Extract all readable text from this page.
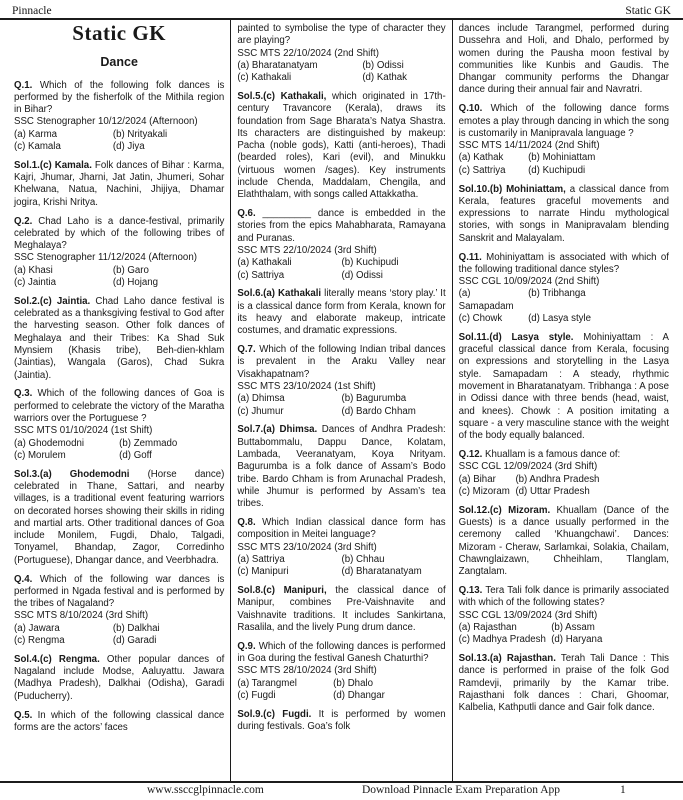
Pinnacle	Static GK
Static GK
Dance
Q.1. Which of the following folk dances is performed by the fisherfolk of the Mithila region in Bihar?
SSC Stenographer 10/12/2024 (Afternoon)
(a) Karma	(b) Nrityakali
(c) Kamala	(d) Jiya
Sol.1.(c) Kamala. Folk dances of Bihar : Karma, Kajri, Jhumar, Jharni, Jat Jatin, Jhumeri, Sohar Khelwana, Natua, Nachini, Jhijiya, Dhamar jogira, Krishi Nritya.
Q.2. Chad Laho is a dance-festival, primarily celebrated by which of the following tribes of Meghalaya?
SSC Stenographer 11/12/2024 (Afternoon)
(a) Khasi	(b) Garo
(c) Jaintia	(d) Hojang
Sol.2.(c) Jaintia. Chad Laho dance festival is celebrated as a thanksgiving festival to God after the harvesting season. Other folk dances of Meghalaya and their Tribes: Ka Shad Suk Mynsiem (Khasis tribe), Beh-dien-khlam (Jaintias), Wangala (Garos), Chad Sukra (Jaintia).
Q.3. Which of the following dances of Goa is performed to celebrate the victory of the Maratha warriors over the Portuguese ?
SSC MTS 01/10/2024 (1st Shift)
(a) Ghodemodni	(b) Zemmado
(c) Morulem	(d) Goff
Sol.3.(a) Ghodemodni (Horse dance) celebrated in Thane, Sattari, and nearby villages, is a traditional event featuring warriors on decorated horses showing their skills in riding and martial arts. Other traditional dances of Goa include Monilem, Fugdi, Dhalo, Talgadi, Tonyamel, Bhandap, Zagor, Corredinho (Portuguese), Dhangar dance, and Veerbhadra.
Q.4. Which of the following war dances is performed in Ngada festival and is performed by the tribes of Nagaland?
SSC MTS 8/10/2024 (3rd Shift)
(a) Jawara	(b) Dalkhai
(c) Rengma	(d) Garadi
Sol.4.(c) Rengma. Other popular dances of Nagaland include Modse, Aaluyattu. Jawara (Madhya Pradesh), Dalkhai (Odisha), Garadi (Puducherry).
Q.5. In which of the following classical dance forms are the actors’ faces
painted to symbolise the type of character they are playing?
SSC MTS 22/10/2024 (2nd Shift)
(a) Bharatanatyam	(b) Odissi
(c) Kathakali	(d) Kathak
Sol.5.(c) Kathakali, which originated in 17th-century Travancore (Kerala), draws its foundation from Sage Bharata’s Natya Shastra. Its characters are distinguished by makeup: Pacha (noble gods), Katti (anti-heroes), Thadi (bearded roles), Kari (evil), and Minukku (virtuous women /sages). Key instruments include Chenda, Maddalam, Chengila, and Elaththalam, with songs called Attakkatha.
Q.6. _________ dance is embedded in the stories from the epics Mahabharata, Ramayana and Puranas.
SSC MTS 22/10/2024 (3rd Shift)
(a) Kathakali	(b) Kuchipudi
(c) Sattriya	(d) Odissi
Sol.6.(a) Kathakali literally means ‘story play.’ It is a classical dance form from Kerala, known for its heavy and elaborate makeup, intricate costumes, and dramatic expressions.
Q.7. Which of the following Indian tribal dances is prevalent in the Araku Valley near Visakhapatnam?
SSC MTS 23/10/2024 (1st Shift)
(a) Dhimsa	(b) Bagurumba
(c) Jhumur	(d) Bardo Chham
Sol.7.(a) Dhimsa. Dances of Andhra Pradesh: Buttabommalu, Dappu Dance, Kolatam, Lambada, Veeranatyam, Koya Nrityam. Bagurumba is a folk dance of Assam’s Bodo tribe. Bardo Chham is from Arunachal Pradesh, while Jhumur is performed by Assam’s tea tribes.
Q.8. Which Indian classical dance form has composition in Meitei language?
SSC MTS 23/10/2024 (3rd Shift)
(a) Sattriya	(b) Chhau
(c) Manipuri	(d) Bharatanatyam
Sol.8.(c) Manipuri, the classical dance of Manipur, combines Pre-Vaishnavite and Vaishnavite traditions. It includes Sankirtana, Rasalila, and the lively Pung drum dance.
Q.9. Which of the following dances is performed in Goa during the festival Ganesh Chaturthi?
SSC MTS 28/10/2024 (3rd Shift)
(a) Tarangmel	(b) Dhalo
(c) Fugdi	(d) Dhangar
Sol.9.(c) Fugdi. It is performed by women during festivals. Goa’s folk
dances include Tarangmel, performed during Dussehra and Holi, and Dhalo, performed by women during the Pausha moon festival by communities like Kunbis and Gaudis. The Dhangar community performs the Dhangar dance during their annual fair and Navratri.
Q.10. Which of the following dance forms emotes a play through dancing in which the song is customarily in Manipravala language ?
SSC MTS 14/11/2024 (2nd Shift)
(a) Kathak	(b) Mohiniattam
(c) Sattriya	(d) Kuchipudi
Sol.10.(b) Mohiniattam, a classical dance from Kerala, features graceful movements and expressions to narrate Hindu mythological stories, with songs in Manipravalam blending Sanskrit and Malayalam.
Q.11. Mohiniyattam is associated with which of the following traditional dance styles?
SSC CGL 10/09/2024 (2nd Shift)
(a) Samapadam
(b) Tribhanga
(c) Chowk	(d) Lasya style
Sol.11.(d) Lasya style. Mohiniyattam : A graceful classical dance from Kerala, focusing on expressions and storytelling in the Lasya style. Samapadam : A steady, rhythmic movement in Bharatanatyam. Tribhanga : A pose in Odissi dance with three bends (head, waist, and knees). Chowk : A position imitating a square - a very masculine stance with the weight of the body equally balanced.
Q.12. Khuallam is a famous dance of:
SSC CGL 12/09/2024 (3rd Shift)
(a) Bihar	(b) Andhra Pradesh
(c) Mizoram (d) Uttar Pradesh
Sol.12.(c) Mizoram. Khuallam (Dance of the Guests) is a dance usually performed in the ceremony called ‘Khuangchawi’. Dances: Mizoram - Cheraw, Sarlamkai, Solakia, Chailam, Chawnglaizawn, Chheihlam, Tlanglam, Zangtalam.
Q.13. Tera Tali folk dance is primarily associated with which of the following states?
SSC CGL 13/09/2024 (3rd Shift)
(a) Rajasthan	(b) Assam
(c) Madhya Pradesh (d) Haryana
Sol.13.(a) Rajasthan. Terah Tali Dance : This dance is performed in praise of the folk God Ramdevji, primarily by the Kamar tribe. Rajasthani folk dances : Chari, Ghoomar, Kalbelia, Kathputli dance and Gair folk dance.
www.ssccglpinnacle.com	Download Pinnacle Exam Preparation App	1
